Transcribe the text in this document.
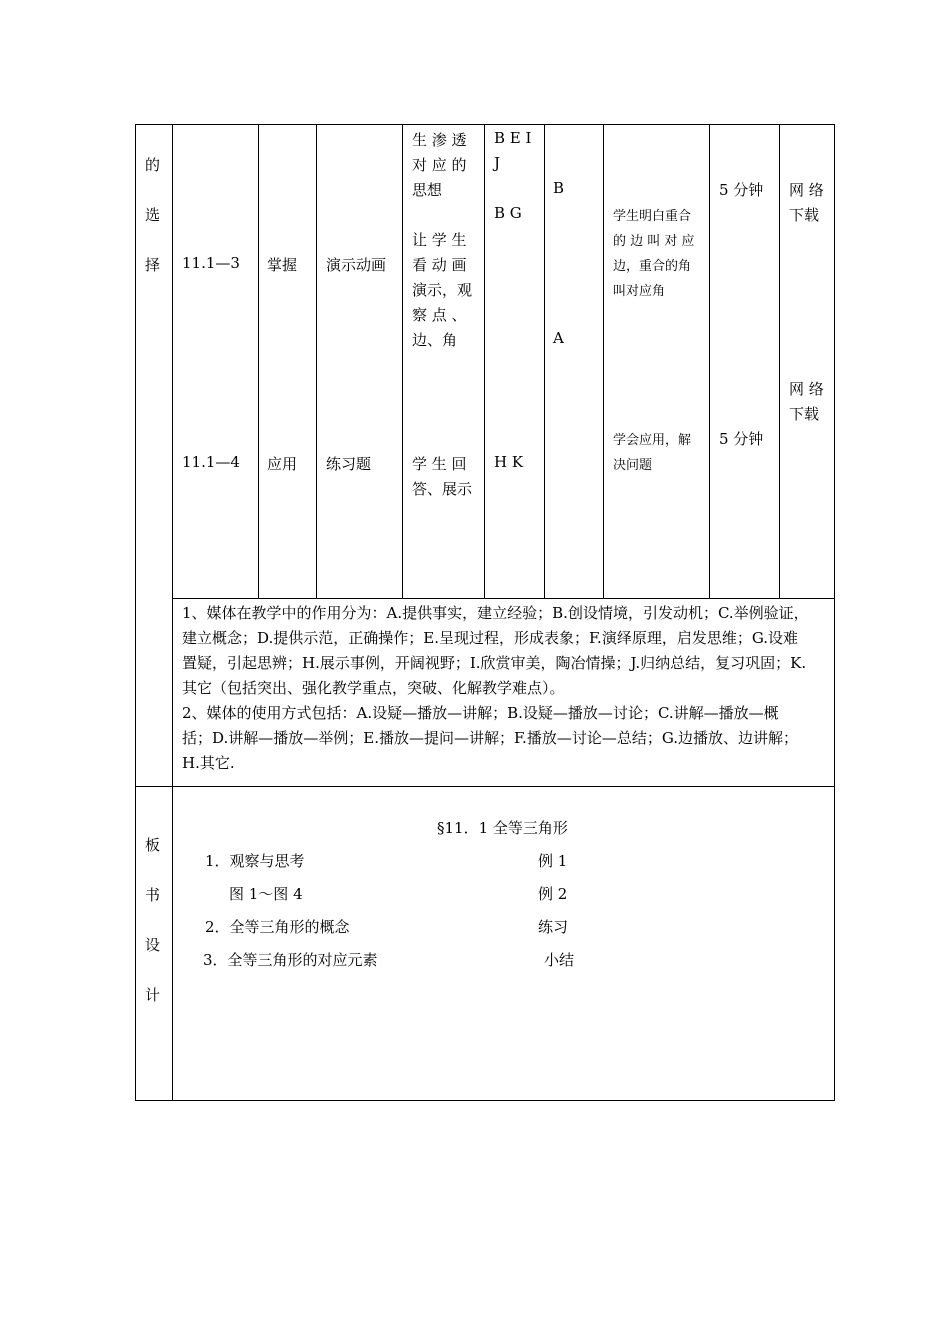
的
选
择 11.1—3 掌握 演示动画
生 渗 透
对 应 的
思想
让 学 生
看 动 画
演示，观
察 点 、
边、角
B E I
J
B G
B
A
学生明白重合
的 边 叫 对 应
边，重合的角
叫对应角
5 分钟 网 络
下载
11.1—4 应用 练习题	学 生 回
答、展示
H K
学会应用，解
决问题
5 分钟
网 络
下载
1、媒体在教学中的作用分为：A.提供事实，建立经验；B.创设情境，引发动机；C.举例验证，
建立概念；D.提供示范，正确操作；E.呈现过程，形成表象；F.演绎原理，启发思维；G.设难
置疑，引起思辨；H.展示事例，开阔视野；I.欣赏审美，陶冶情操；J.归纳总结，复习巩固；K.
其它（包括突出、强化教学重点，突破、化解教学难点）。
2、媒体的使用方式包括：A.设疑—播放—讲解；B.设疑—播放—讨论；C.讲解—播放—概
括；D.讲解—播放—举例；E.播放—提问—讲解；F.播放—讨论—总结；G.边播放、边讲解；
H.其它.
板
书
设
计
§11．1 全等三角形
1．观察与思考
图 1～图 4
2．全等三角形的概念
3．全等三角形的对应元素
例 1
例 2
练习
小结
